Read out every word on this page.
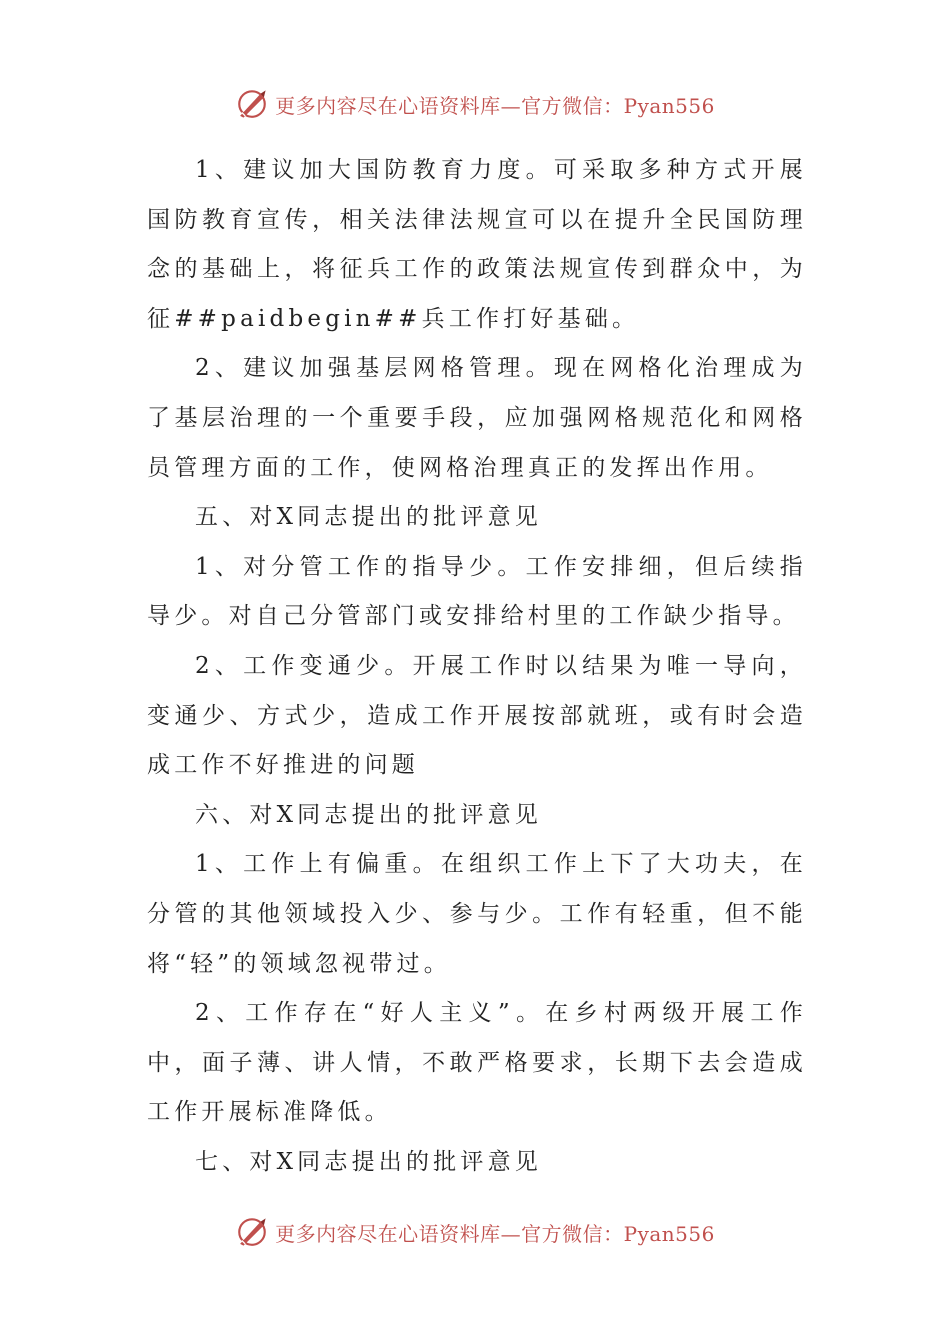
更多内容尽在心语资料库—官方微信：Pyan556

1、建议加大国防教育力度。可采取多种方式开展国防教育宣传，相关法律法规宣可以在提升全民国防理念的基础上，将征兵工作的政策法规宣传到群众中，为征##paidbegin##兵工作打好基础。

2、建议加强基层网格管理。现在网格化治理成为了基层治理的一个重要手段，应加强网格规范化和网格员管理方面的工作，使网格治理真正的发挥出作用。

五、对X同志提出的批评意见

1、对分管工作的指导少。工作安排细，但后续指导少。对自己分管部门或安排给村里的工作缺少指导。

2、工作变通少。开展工作时以结果为唯一导向，变通少、方式少，造成工作开展按部就班，或有时会造成工作不好推进的问题

六、对X同志提出的批评意见

1、工作上有偏重。在组织工作上下了大功夫，在分管的其他领域投入少、参与少。工作有轻重，但不能将“轻”的领域忽视带过。

2、工作存在“好人主义”。在乡村两级开展工作中，面子薄、讲人情，不敢严格要求，长期下去会造成工作开展标准降低。

七、对X同志提出的批评意见

更多内容尽在心语资料库—官方微信：Pyan556
